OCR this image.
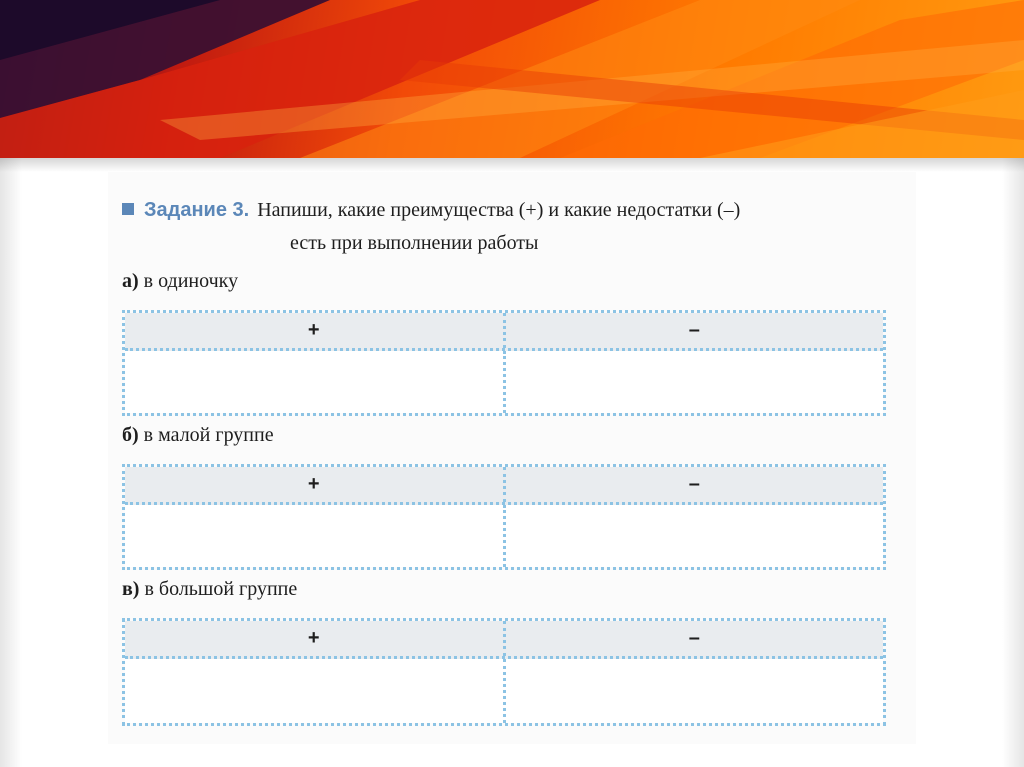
Задание 3. Напиши, какие преимущества (+) и какие недостатки (–)
есть при выполнении работы
а) в одиночку
+	–
б) в малой группе
+	–
в) в большой группе
+	–
